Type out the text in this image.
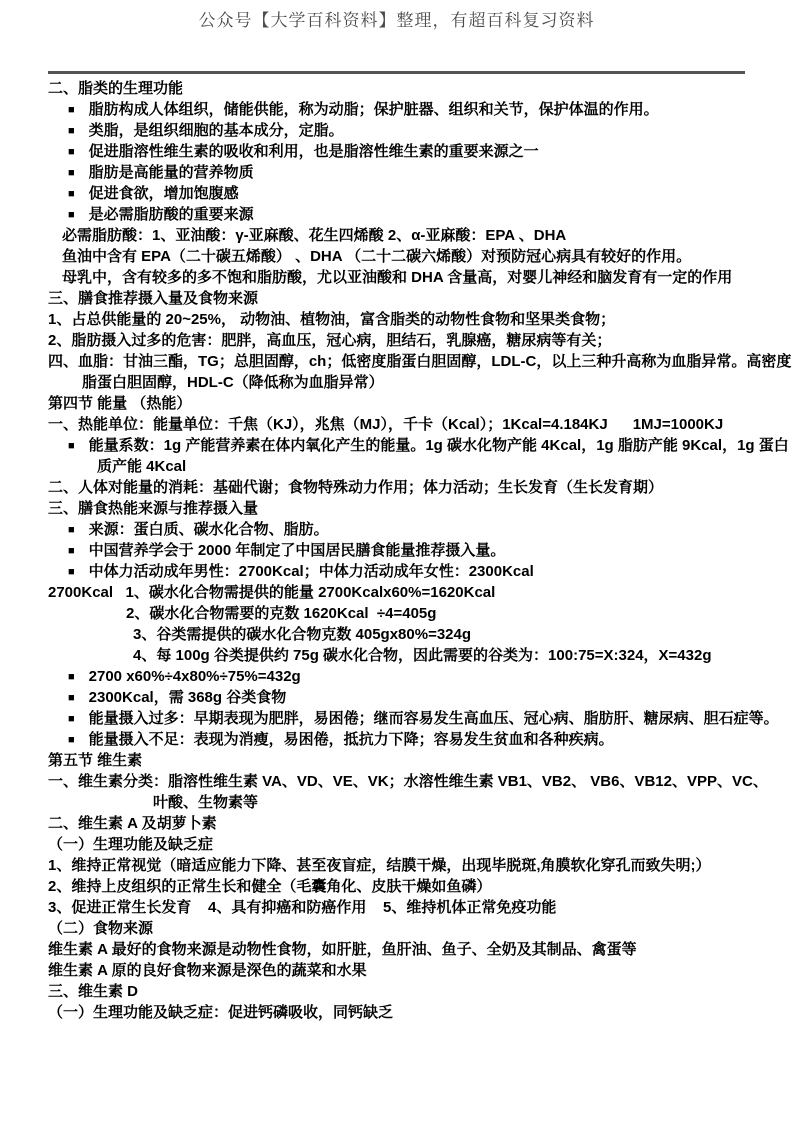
公众号【大学百科资料】整理，有超百科复习资料
二、脂类的生理功能
■ 脂肪构成人体组织，储能供能，称为动脂；保护脏器、组织和关节，保护体温的作用。
■ 类脂，是组织细胞的基本成分，定脂。
■ 促进脂溶性维生素的吸收和利用，也是脂溶性维生素的重要来源之一
■ 脂肪是高能量的营养物质
■ 促进食欲，增加饱腹感
■ 是必需脂肪酸的重要来源
必需脂肪酸：1、亚油酸：γ-亚麻酸、花生四烯酸 2、α-亚麻酸：EPA 、DHA
鱼油中含有 EPA（二十碳五烯酸） 、DHA （二十二碳六烯酸）对预防冠心病具有较好的作用。
母乳中，含有较多的多不饱和脂肪酸，尤以亚油酸和 DHA 含量高，对婴儿神经和脑发育有一定的作用
三、膳食推荐摄入量及食物来源
1、占总供能量的 20~25%， 动物油、植物油，富含脂类的动物性食物和坚果类食物；
2、脂肪摄入过多的危害：肥胖，高血压，冠心病，胆结石，乳腺癌，糖尿病等有关；
四、血脂：甘油三酯，TG；总胆固醇，ch；低密度脂蛋白胆固醇，LDL-C，以上三种升高称为血脂异常。高密度
脂蛋白胆固醇，HDL-C（降低称为血脂异常）
第四节 能量 （热能）
一、热能单位：能量单位：千焦（KJ），兆焦（MJ），千卡（Kcal）；1Kcal=4.184KJ      1MJ=1000KJ
■ 能量系数：1g 产能营养素在体内氧化产生的能量。1g 碳水化物产能 4Kcal，1g 脂肪产能 9Kcal，1g 蛋白
质产能 4Kcal
二、人体对能量的消耗：基础代谢；食物特殊动力作用；体力活动；生长发育（生长发育期）
三、膳食热能来源与推荐摄入量
■ 来源：蛋白质、碳水化合物、脂肪。
■ 中国营养学会于 2000 年制定了中国居民膳食能量推荐摄入量。
■ 中体力活动成年男性：2700Kcal；中体力活动成年女性：2300Kcal
2700Kcal   1、碳水化合物需提供的能量 2700Kcalx60%=1620Kcal
2、碳水化合物需要的克数 1620Kcal  ÷4=405g
3、谷类需提供的碳水化合物克数 405gx80%=324g
4、每 100g 谷类提供约 75g 碳水化合物，因此需要的谷类为：100:75=X:324，X=432g
■ 2700 x60%÷4x80%÷75%=432g
■ 2300Kcal，需 368g 谷类食物
■ 能量摄入过多：早期表现为肥胖，易困倦；继而容易发生高血压、冠心病、脂肪肝、糖尿病、胆石症等。
■ 能量摄入不足：表现为消瘦，易困倦，抵抗力下降；容易发生贫血和各种疾病。
第五节 维生素
一、维生素分类：脂溶性维生素 VA、VD、VE、VK；水溶性维生素 VB1、VB2、 VB6、VB12、VPP、VC、
叶酸、生物素等
二、维生素 A 及胡萝卜素
（一）生理功能及缺乏症
1、维持正常视觉（暗适应能力下降、甚至夜盲症，结膜干燥，出现毕脱斑,角膜软化穿孔而致失明;）
2、维持上皮组织的正常生长和健全（毛囊角化、皮肤干燥如鱼磷）
3、促进正常生长发育    4、具有抑癌和防癌作用    5、维持机体正常免疫功能
（二）食物来源
维生素 A 最好的食物来源是动物性食物，如肝脏，鱼肝油、鱼子、全奶及其制品、禽蛋等
维生素 A 原的良好食物来源是深色的蔬菜和水果
三、维生素 D
（一）生理功能及缺乏症：促进钙磷吸收，同钙缺乏
